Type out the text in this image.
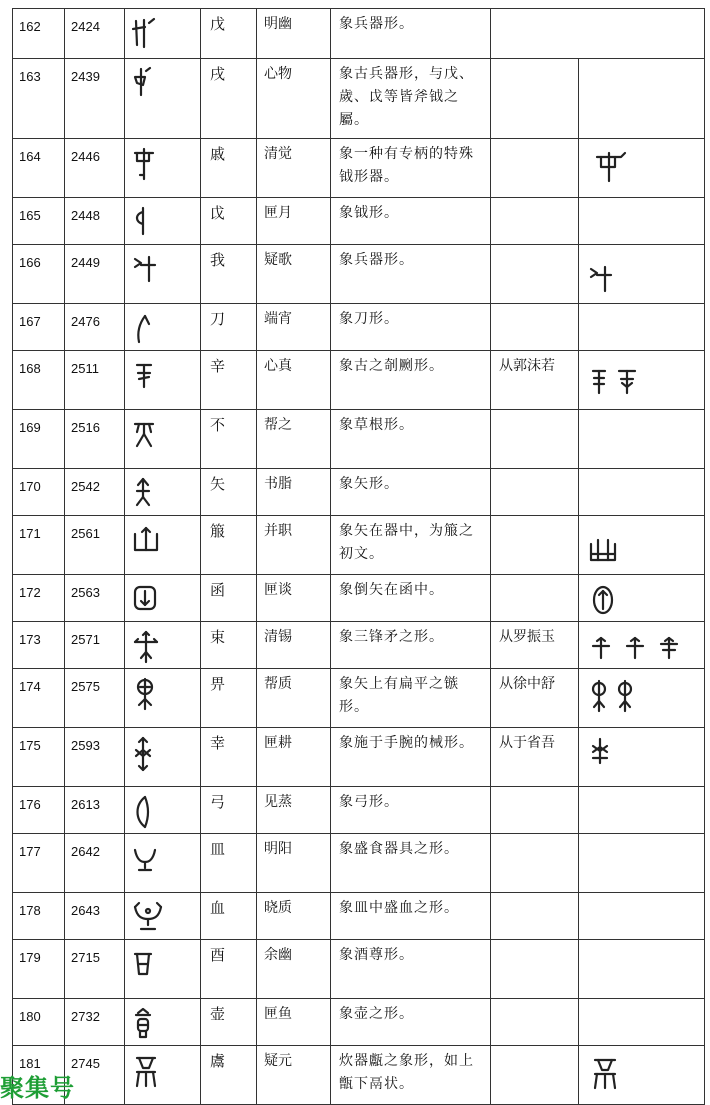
162	2424		戊	明幽	象兵器形。		
163	2439		戌	心物	象古兵器形，与戊、歲、戉等皆斧钺之屬。		
164	2446		戚	清觉	象一种有专柄的特殊钺形器。		

165	2448		戉	匣月	象钺形。		
166	2449		我	疑歌	象兵器形。		

167	2476		刀	端宵	象刀形。		
168	2511		辛	心真	象古之剞劂形。	从郭沫若	

169	2516		不	帮之	象草根形。		
170	2542		矢	书脂	象矢形。		
171	2561		箙	并职	象矢在器中，为箙之初文。		

172	2563		函	匣谈	象倒矢在函中。		

173	2571		束	清锡	象三锋矛之形。	从罗振玉	

174	2575		畀	帮质	象矢上有扁平之镞形。	从徐中舒	

175	2593		幸	匣耕	象施于手腕的械形。	从于省吾	

176	2613		弓	见蒸	象弓形。		
177	2642		皿	明阳	象盛食器具之形。		
178	2643		血	晓质	象皿中盛血之形。		
179	2715		酉	余幽	象酒尊形。		
180	2732		壶	匣鱼	象壶之形。		
181	2745		鬳	疑元	炊器甗之象形，如上甑下鬲状。		
聚集号
